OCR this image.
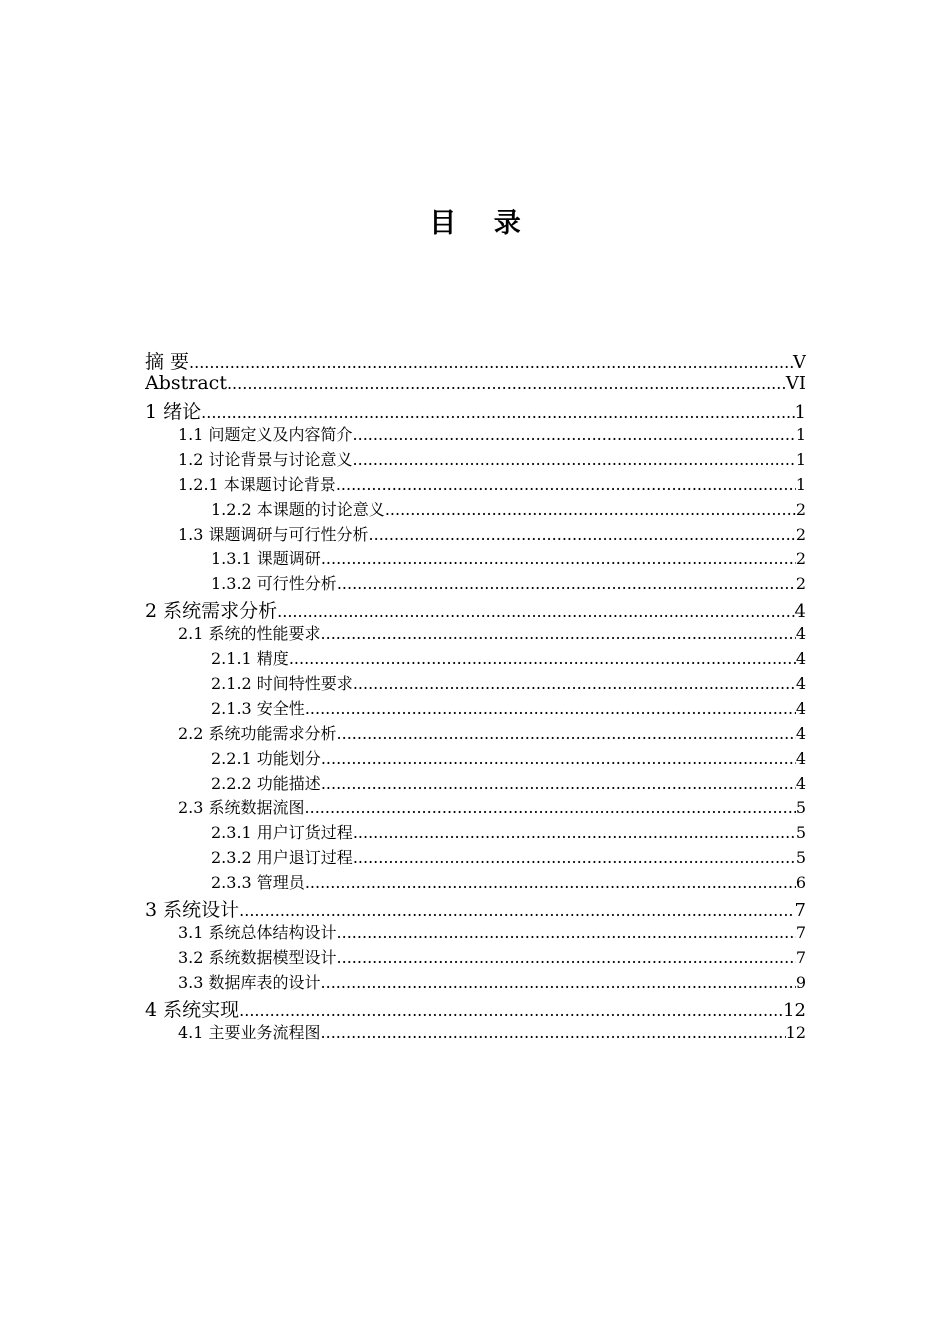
目 录
摘 要 .....	V
Abstract .....	VI
1 绪论 .....	1
1.1 问题定义及内容简介 .....	1
1.2 讨论背景与讨论意义 .....	1
1.2.1 本课题讨论背景 .....	1
1.2.2 本课题的讨论意义 .....	2
1.3 课题调研与可行性分析 .....	2
1.3.1 课题调研 .....	2
1.3.2 可行性分析 .....	2
2 系统需求分析 .....	4
2.1 系统的性能要求 .....	4
2.1.1 精度 .....	4
2.1.2 时间特性要求 .....	4
2.1.3 安全性 .....	4
2.2 系统功能需求分析 .....	4
2.2.1 功能划分 .....	4
2.2.2 功能描述 .....	4
2.3 系统数据流图 .....	5
2.3.1 用户订货过程 .....	5
2.3.2 用户退订过程 .....	5
2.3.3 管理员 .....	6
3 系统设计 .....	7
3.1 系统总体结构设计 .....	7
3.2 系统数据模型设计 .....	7
3.3 数据库表的设计 .....	9
4 系统实现 .....	12
4.1 主要业务流程图 .....	12
